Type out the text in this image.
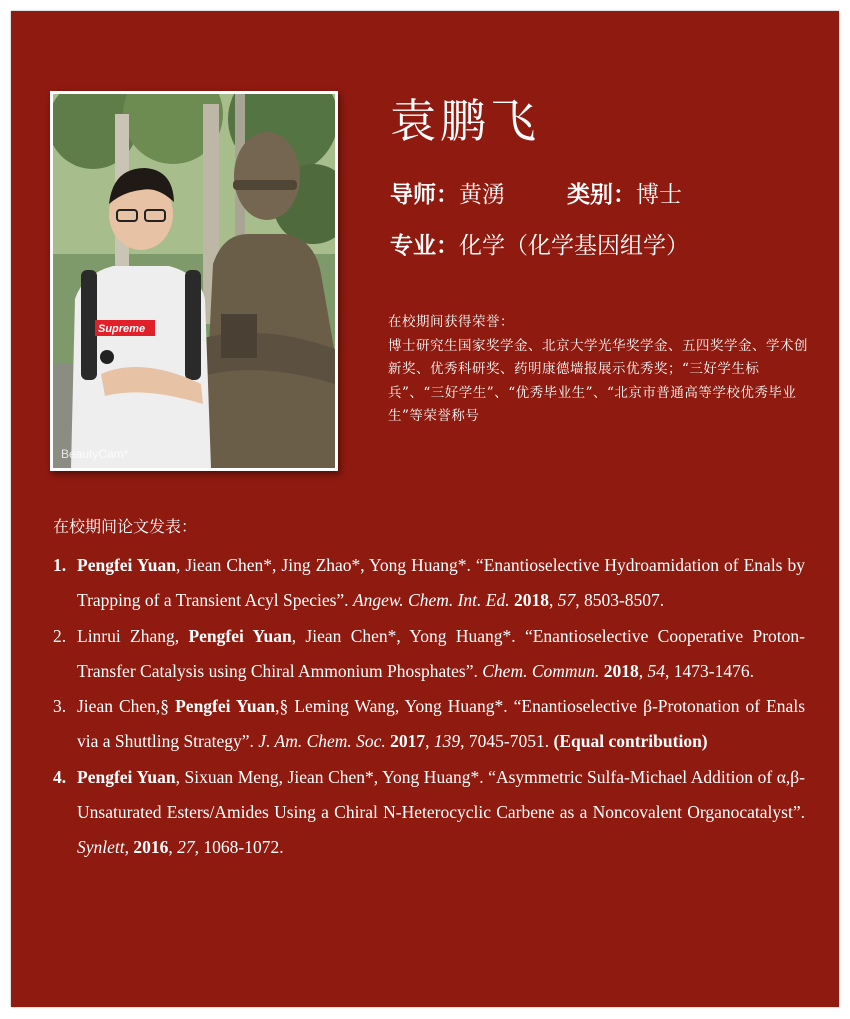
Supreme
BeautyCam*
袁鹏飞
导师：黄湧	类别：博士
专业：化学（化学基因组学）
在校期间获得荣誉：
博士研究生国家奖学金、北京大学光华奖学金、五四奖学金、学术创新奖、优秀科研奖、药明康德墙报展示优秀奖；“三好学生标兵”、“三好学生”、“优秀毕业生”、“北京市普通高等学校优秀毕业生”等荣誉称号
在校期间论文发表：
1. Pengfei Yuan, Jiean Chen*, Jing Zhao*, Yong Huang*. “Enantioselective Hydroamidation of Enals by Trapping of a Transient Acyl Species”. Angew. Chem. Int. Ed. 2018, 57, 8503-8507.
2. Linrui Zhang, Pengfei Yuan, Jiean Chen*, Yong Huang*. “Enantioselective Cooperative Proton-Transfer Catalysis using Chiral Ammonium Phosphates”. Chem. Commun. 2018, 54, 1473-1476.
3. Jiean Chen,§ Pengfei Yuan,§ Leming Wang, Yong Huang*. “Enantioselective β-Protonation of Enals via a Shuttling Strategy”. J. Am. Chem. Soc. 2017, 139, 7045-7051. (Equal contribution)
4. Pengfei Yuan, Sixuan Meng, Jiean Chen*, Yong Huang*. “Asymmetric Sulfa-Michael Addition of α,β-Unsaturated Esters/Amides Using a Chiral N-Heterocyclic Carbene as a Noncovalent Organocatalyst”. Synlett, 2016, 27, 1068-1072.
